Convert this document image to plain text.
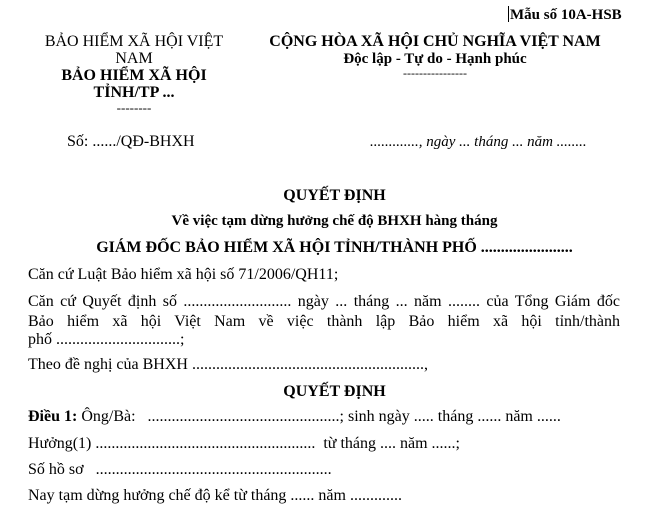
Mẫu số 10A-HSB
BẢO HIỂM XÃ HỘI VIỆT
NAM
BẢO HIỂM XÃ HỘI
TỈNH/TP ...
--------
Số: ....../QĐ-BHXH
CỘNG HÒA XÃ HỘI CHỦ NGHĨA VIỆT NAM
Độc lập - Tự do - Hạnh phúc
----------------
............., ngày ... tháng ... năm ........
QUYẾT ĐỊNH
Về việc tạm dừng hưởng chế độ BHXH hàng tháng
GIÁM ĐỐC BẢO HIỂM XÃ HỘI TỈNH/THÀNH PHỐ .......................
Căn cứ Luật Bảo hiểm xã hội số 71/2006/QH11;
Căn cứ Quyết định số ........................... ngày ... tháng ... năm ........ của Tổng Giám đốc
Bảo hiểm xã hội Việt Nam về việc thành lập Bảo hiểm xã hội tỉnh/thành
phố ...............................;
Theo đề nghị của BHXH ..........................................................,
QUYẾT ĐỊNH
Điều 1: Ông/Bà:   ................................................; sinh ngày ..... tháng ...... năm ......
Hưởng(1) .......................................................  từ tháng .... năm ......;
Số hồ sơ   ...........................................................
Nay tạm dừng hưởng chế độ kể từ tháng ...... năm .............
